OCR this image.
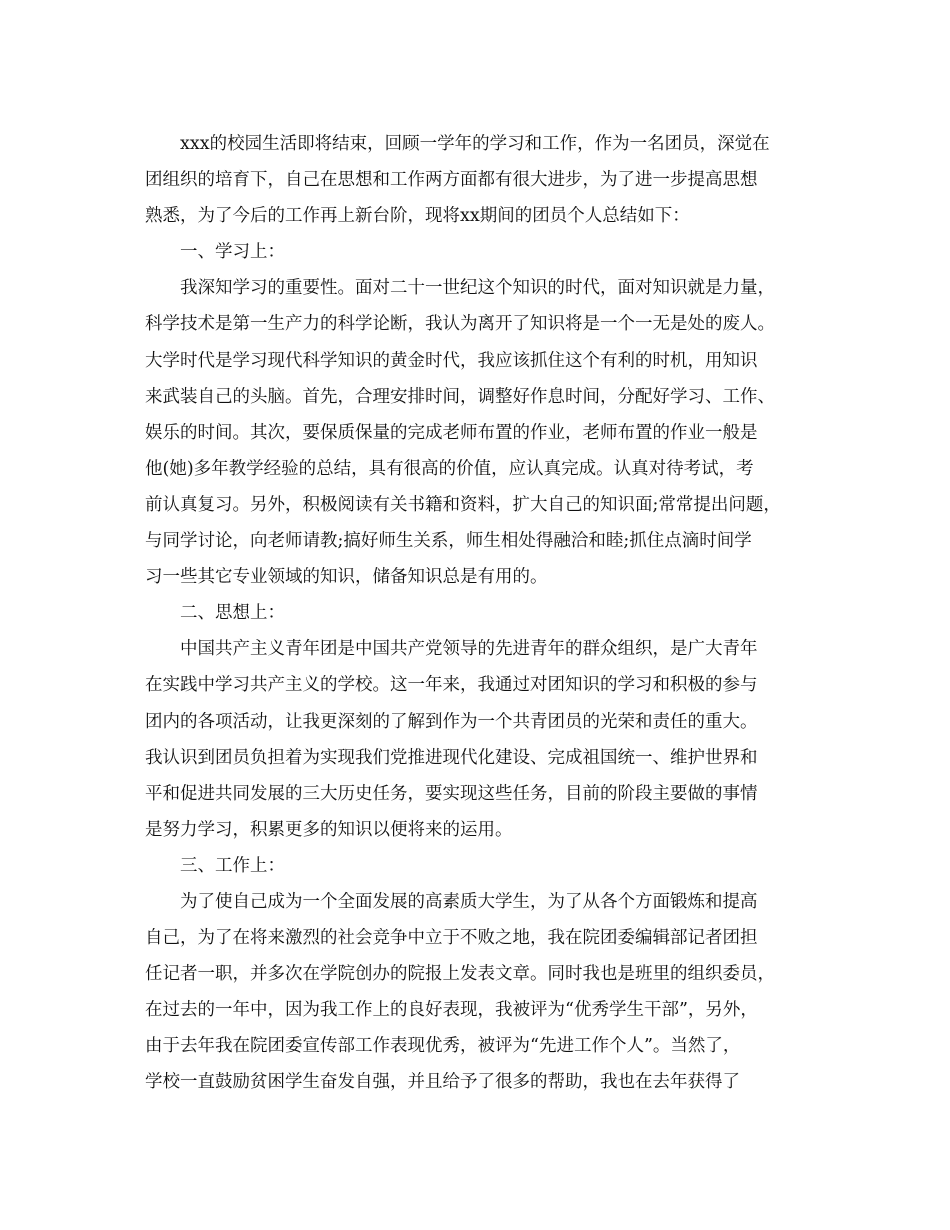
xxx的校园生活即将结束，回顾一学年的学习和工作，作为一名团员，深觉在
团组织的培育下，自己在思想和工作两方面都有很大进步，为了进一步提高思想
熟悉，为了今后的工作再上新台阶，现将xx期间的团员个人总结如下：
一、学习上：
我深知学习的重要性。面对二十一世纪这个知识的时代，面对知识就是力量，
科学技术是第一生产力的科学论断，我认为离开了知识将是一个一无是处的废人。
大学时代是学习现代科学知识的黄金时代，我应该抓住这个有利的时机，用知识
来武装自己的头脑。首先，合理安排时间，调整好作息时间，分配好学习、工作、
娱乐的时间。其次，要保质保量的完成老师布置的作业，老师布置的作业一般是
他(她)多年教学经验的总结，具有很高的价值，应认真完成。认真对待考试，考
前认真复习。另外，积极阅读有关书籍和资料，扩大自己的知识面;常常提出问题，
与同学讨论，向老师请教;搞好师生关系，师生相处得融洽和睦;抓住点滴时间学
习一些其它专业领域的知识，储备知识总是有用的。
二、思想上：
中国共产主义青年团是中国共产党领导的先进青年的群众组织，是广大青年
在实践中学习共产主义的学校。这一年来，我通过对团知识的学习和积极的参与
团内的各项活动，让我更深刻的了解到作为一个共青团员的光荣和责任的重大。
我认识到团员负担着为实现我们党推进现代化建设、完成祖国统一、维护世界和
平和促进共同发展的三大历史任务，要实现这些任务，目前的阶段主要做的事情
是努力学习，积累更多的知识以便将来的运用。
三、工作上：
为了使自己成为一个全面发展的高素质大学生，为了从各个方面锻炼和提高
自己，为了在将来激烈的社会竞争中立于不败之地，我在院团委编辑部记者团担
任记者一职，并多次在学院创办的院报上发表文章。同时我也是班里的组织委员，
在过去的一年中，因为我工作上的良好表现，我被评为“优秀学生干部”，另外，
由于去年我在院团委宣传部工作表现优秀，被评为“先进工作个人”。当然了，
学校一直鼓励贫困学生奋发自强，并且给予了很多的帮助，我也在去年获得了
